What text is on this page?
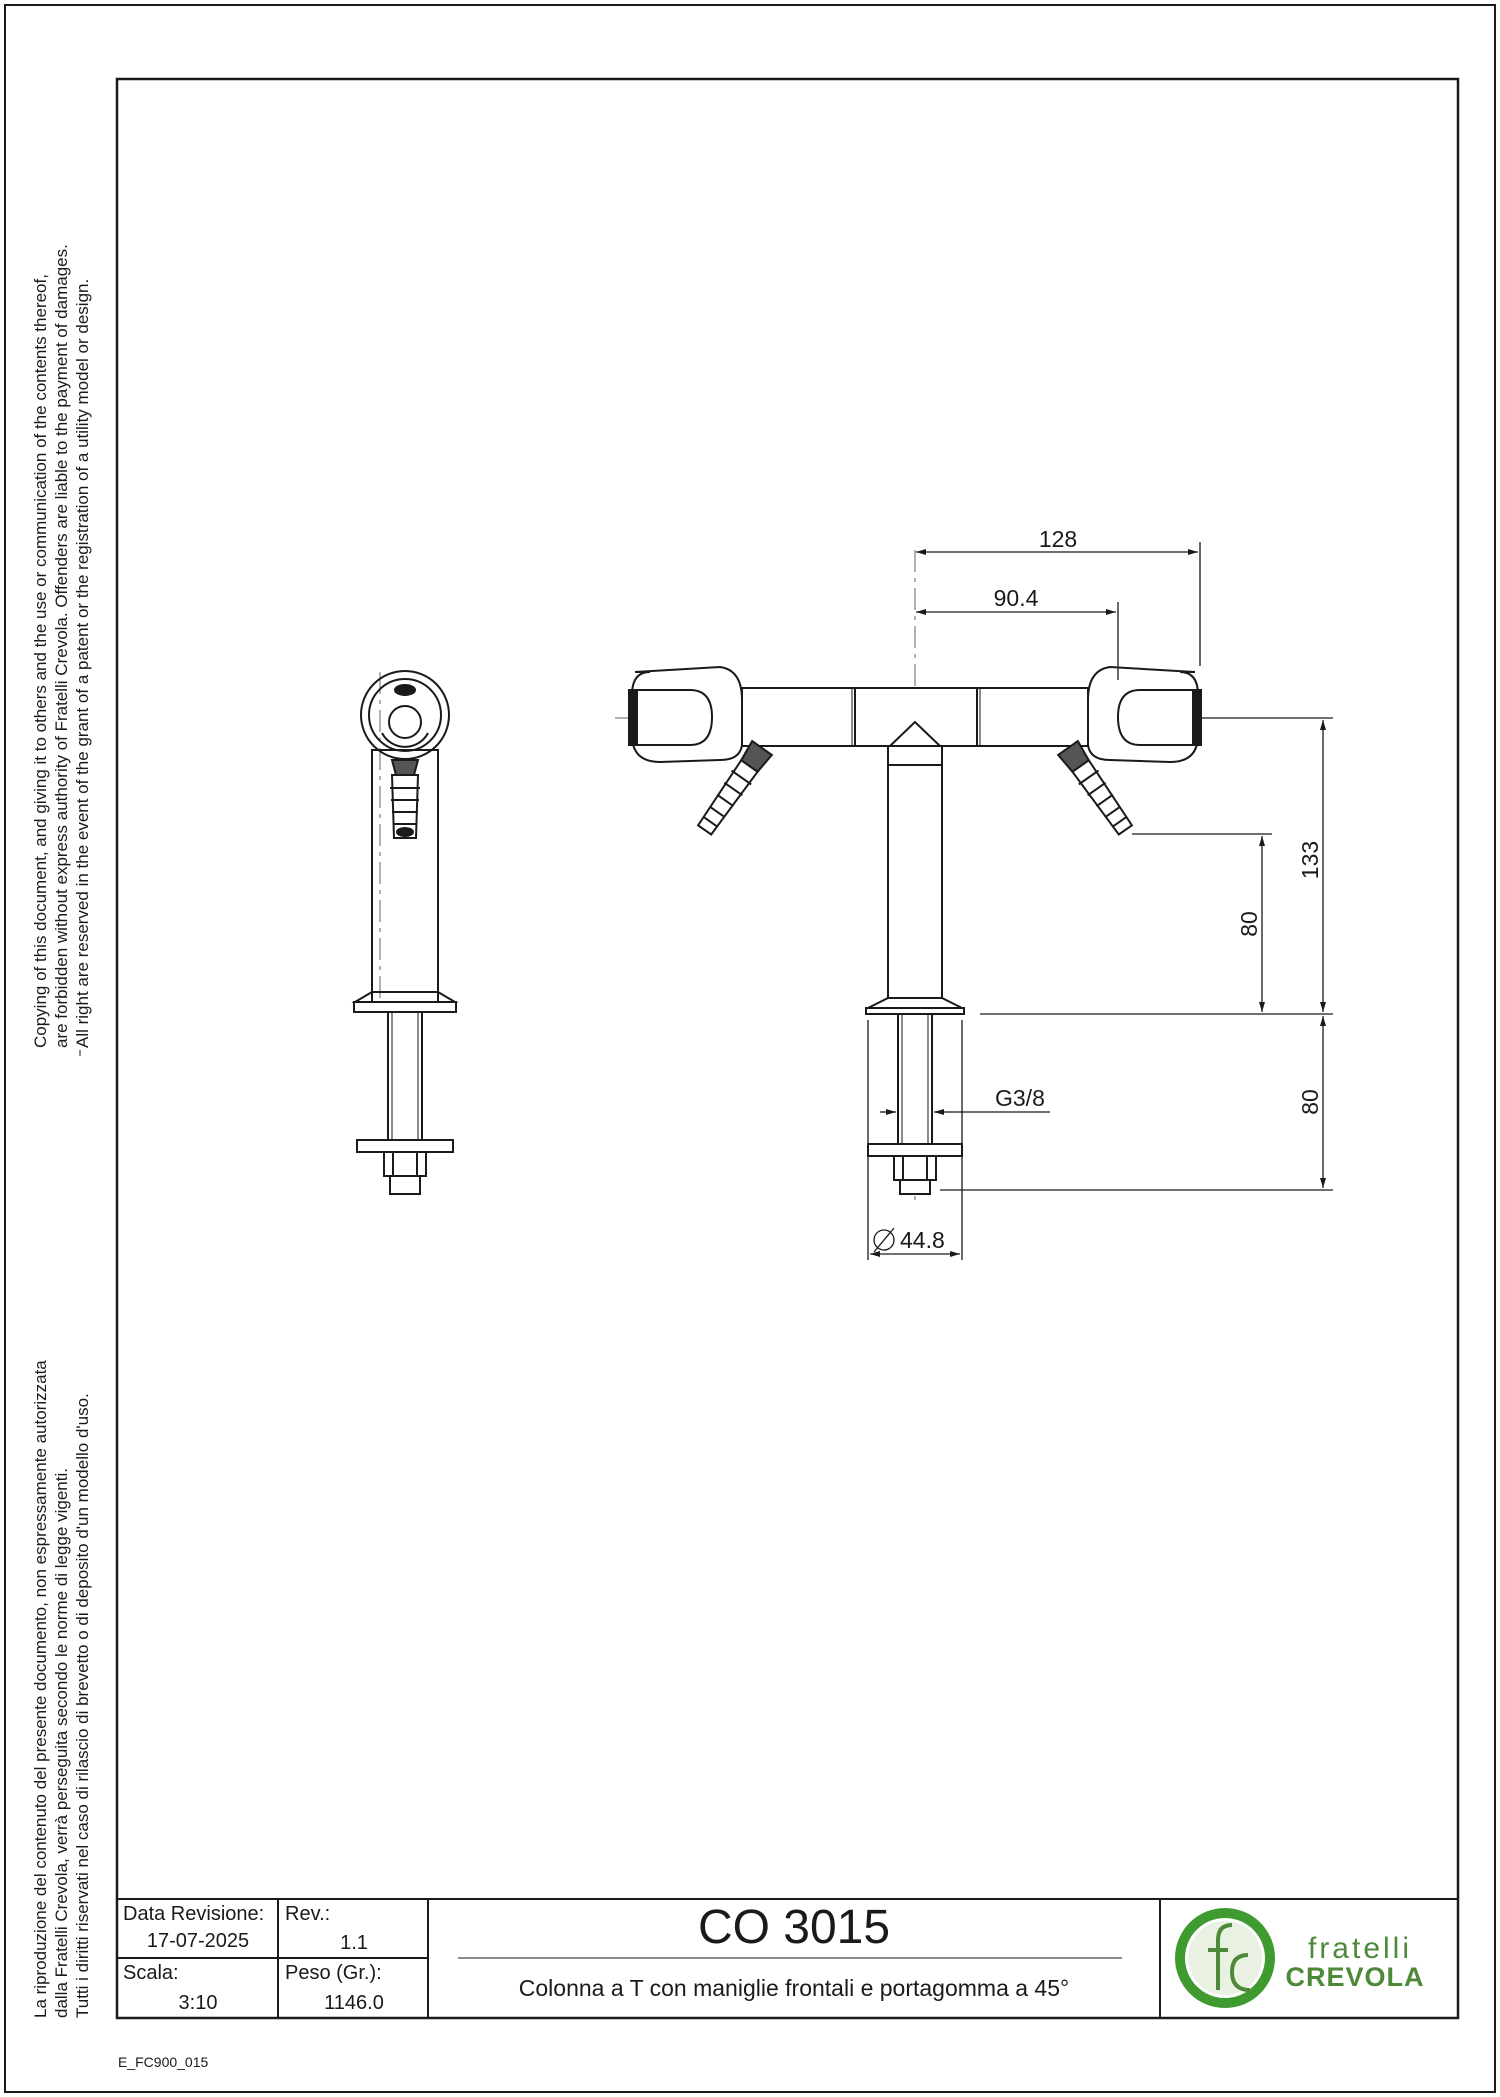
128
90.4
80
133
80
G3/8
44.8
fratelli
CREVOLA
Copying of this document, and giving it to others and the use or communication of the contents thereof, are forbidden without express authority of Fratelli Crevola. Offenders are liable to the payment of damages. All right are reserved in the event of the grant of a patent or the registration of a utility model or design.
La riproduzione del contenuto del presente documento, non espressamente autorizzata dalla Fratelli Crevola, verrà perseguita secondo le norme di legge vigenti. Tutti i diritti riservati nel caso di rilascio di brevetto o di deposito d'un modello d'uso. Data Revisione:
17-07-2025
Rev.:
1.1
Scala:
3:10
Peso (Gr.):
1146.0
CO 3015
Colonna a T con maniglie frontali e portagomma a 45°
E_FC900_015
